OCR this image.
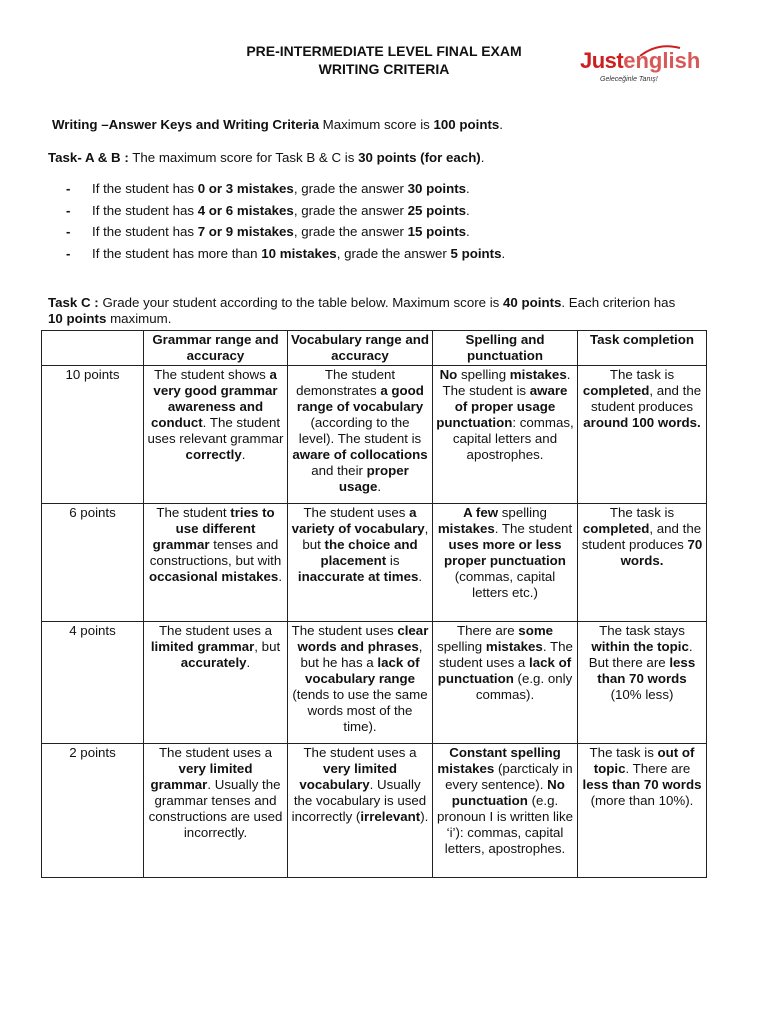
PRE-INTERMEDIATE LEVEL FINAL EXAM
WRITING CRITERIA	Justenglish
Geleceğinle Tanış!

Writing –Answer Keys and Writing Criteria Maximum score is 100 points.

Task- A & B : The maximum score for Task B & C is 30 points (for each).

- If the student has 0 or 3 mistakes, grade the answer 30 points.
- If the student has 4 or 6 mistakes, grade the answer 25 points.
- If the student has 7 or 9 mistakes, grade the answer 15 points.
- If the student has more than 10 mistakes, grade the answer 5 points.

Task C : Grade your student according to the table below. Maximum score is 40 points. Each criterion has 10 points maximum.

	Grammar range and accuracy	Vocabulary range and accuracy	Spelling and punctuation	Task completion
10 points	The student shows a very good grammar awareness and conduct. The student uses relevant grammar correctly.	The student demonstrates a good range of vocabulary (according to the level). The student is aware of collocations and their proper usage.	No spelling mistakes. The student is aware of proper usage punctuation: commas, capital letters and apostrophes.	The task is completed, and the student produces around 100 words.
6 points	The student tries to use different grammar tenses and constructions, but with occasional mistakes.	The student uses a variety of vocabulary, but the choice and placement is inaccurate at times.	A few spelling mistakes. The student uses more or less proper punctuation (commas, capital letters etc.)	The task is completed, and the student produces 70 words.
4 points	The student uses a limited grammar, but accurately.	The student uses clear words and phrases, but he has a lack of vocabulary range (tends to use the same words most of the time).	There are some spelling mistakes. The student uses a lack of punctuation (e.g. only commas).	The task stays within the topic. But there are less than 70 words (10% less)
2 points	The student uses a very limited grammar. Usually the grammar tenses and constructions are used incorrectly.	The student uses a very limited vocabulary. Usually the vocabulary is used incorrectly (irrelevant).	Constant spelling mistakes (parcticaly in every sentence). No punctuation (e.g. pronoun I is written like ‘i’): commas, capital letters, apostrophes.	The task is out of topic. There are less than 70 words (more than 10%).
